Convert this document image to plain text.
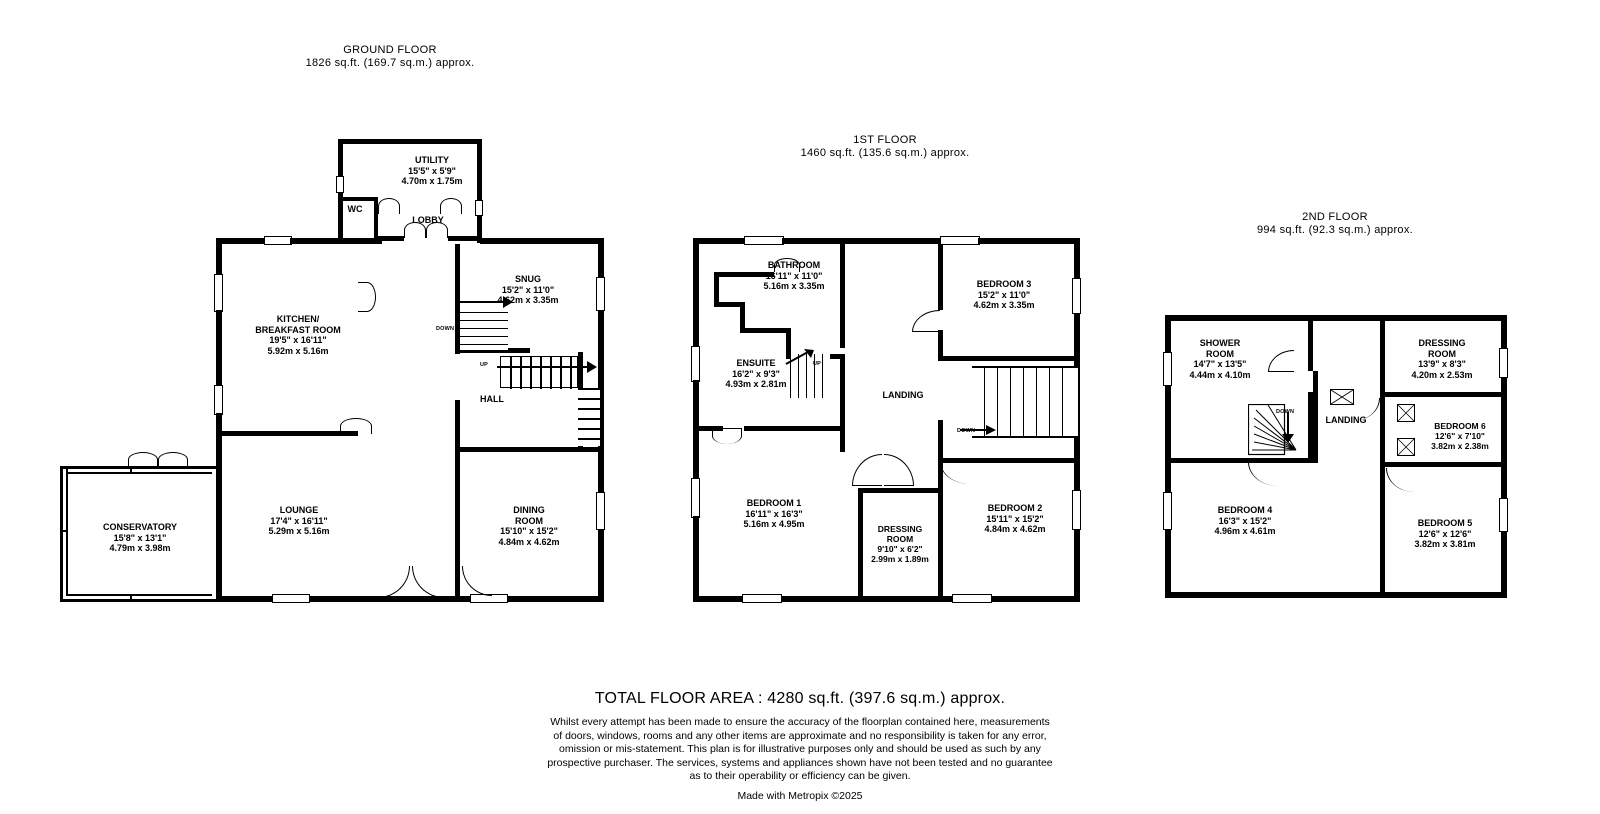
GROUND FLOOR
1826 sq.ft. (169.7 sq.m.) approx.
DOWN
UP
UTILITY
15'5" x 5'9"
4.70m x 1.75m
WC
LOBBY
SNUG
15'2" x 11'0"
4.62m x 3.35m
KITCHEN/
BREAKFAST ROOM
19'5" x 16'11"
5.92m x 5.16m
HALL
LOUNGE
17'4" x 16'11"
5.29m x 5.16m
DINING
ROOM
15'10" x 15'2"
4.84m x 4.62m
CONSERVATORY
15'8" x 13'1"
4.79m x 3.98m
1ST FLOOR
1460 sq.ft. (135.6 sq.m.) approx.
DOWN
UP
BATHROOM
16'11" x 11'0"
5.16m x 3.35m	BEDROOM 3
15'2" x 11'0"
4.62m x 3.35m
ENSUITE
16'2" x 9'3"
4.93m x 2.81m
LANDING
BEDROOM 1
16'11" x 16'3"
5.16m x 4.95m	DRESSING
ROOM
9'10" x 6'2"
2.99m x 1.89m
BEDROOM 2
15'11" x 15'2"
4.84m x 4.62m
2ND FLOOR
994 sq.ft. (92.3 sq.m.) approx.
DOWN
SHOWER
ROOM
14'7" x 13'5"
4.44m x 4.10m
DRESSING
ROOM
13'9" x 8'3"
4.20m x 2.53m
LANDING
BEDROOM 6
12'6" x 7'10"
3.82m x 2.38m
BEDROOM 4
16'3" x 15'2"
4.96m x 4.61m
BEDROOM 5
12'6" x 12'6"
3.82m x 3.81m
TOTAL FLOOR AREA : 4280 sq.ft. (397.6 sq.m.) approx.
Whilst every attempt has been made to ensure the accuracy of the floorplan contained here, measurements
of doors, windows, rooms and any other items are approximate and no responsibility is taken for any error,
omission or mis-statement. This plan is for illustrative purposes only and should be used as such by any
prospective purchaser. The services, systems and appliances shown have not been tested and no guarantee
as to their operability or efficiency can be given.
Made with Metropix ©2025
